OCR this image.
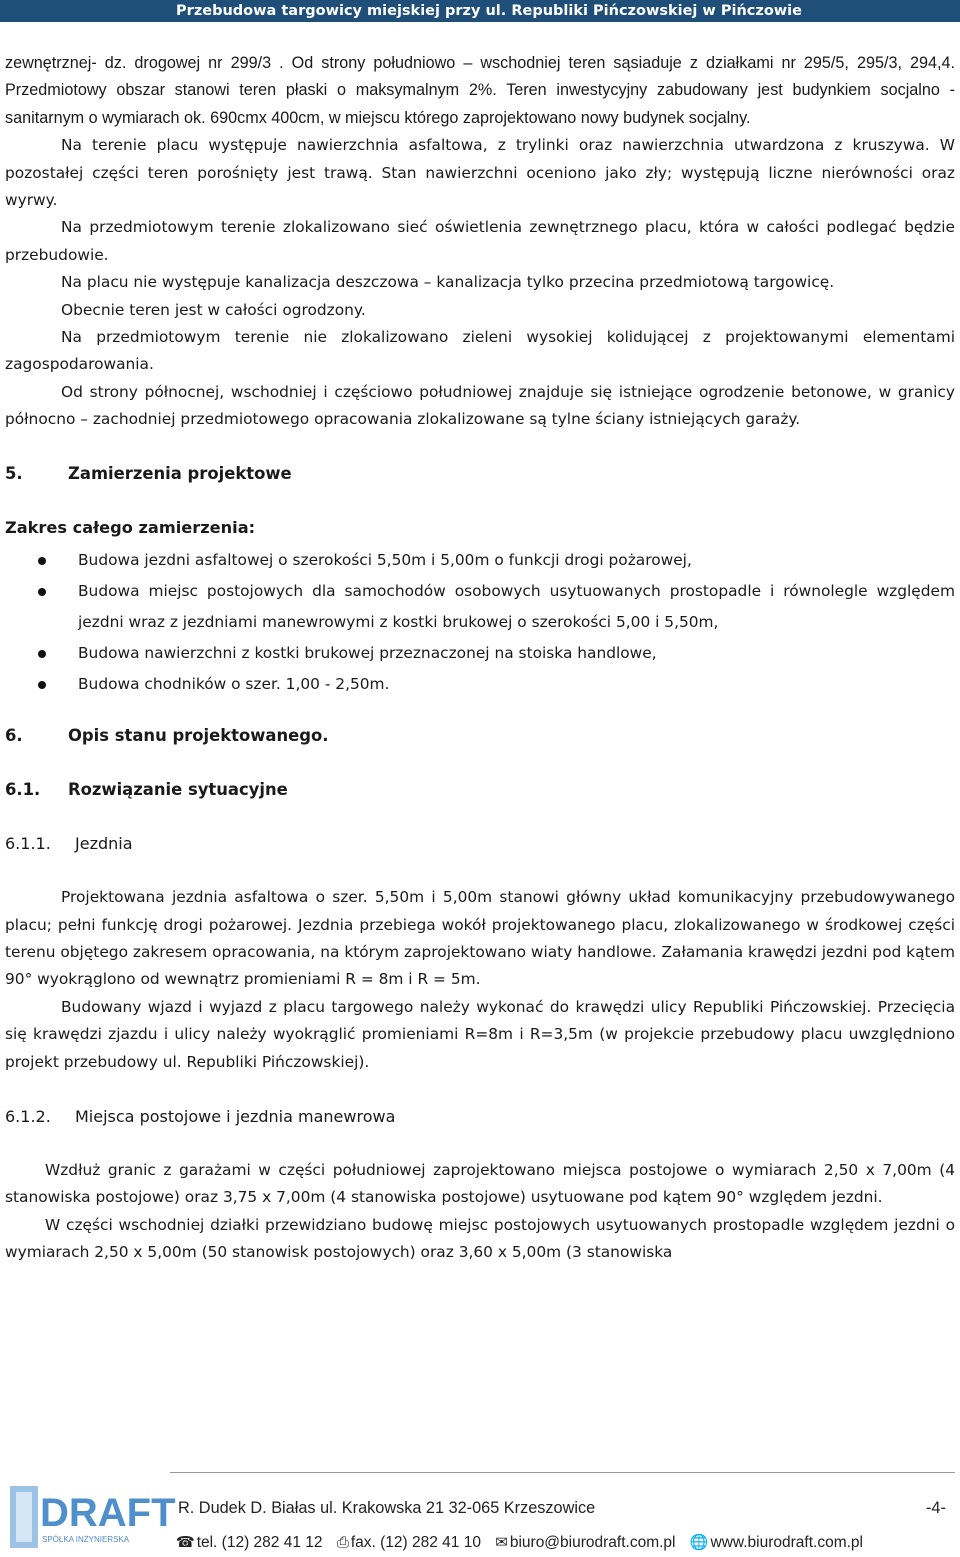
Przebudowa targowicy miejskiej przy ul. Republiki Pińczowskiej w Pińczowie

zewnętrznej- dz. drogowej nr 299/3 . Od strony południowo – wschodniej teren sąsiaduje z działkami nr 295/5, 295/3, 294,4. Przedmiotowy obszar stanowi teren płaski o maksymalnym 2%. Teren inwestycyjny zabudowany jest budynkiem socjalno - sanitarnym o wymiarach ok. 690cmx 400cm, w miejscu którego zaprojektowano nowy budynek socjalny.

Na terenie placu występuje nawierzchnia asfaltowa, z trylinki oraz nawierzchnia utwardzona z kruszywa. W pozostałej części teren porośnięty jest trawą. Stan nawierzchni oceniono jako zły; występują liczne nierówności oraz wyrwy.

Na przedmiotowym terenie zlokalizowano sieć oświetlenia zewnętrznego placu, która w całości podlegać będzie przebudowie.

Na placu nie występuje kanalizacja deszczowa – kanalizacja tylko przecina przedmiotową targowicę.

Obecnie teren jest w całości ogrodzony.

Na przedmiotowym terenie nie zlokalizowano zieleni wysokiej kolidującej z projektowanymi elementami zagospodarowania.

Od strony północnej, wschodniej i częściowo południowej znajduje się istniejące ogrodzenie betonowe, w granicy północno – zachodniej przedmiotowego opracowania zlokalizowane są tylne ściany istniejących garaży.

5.	Zamierzenia projektowe

Zakres całego zamierzenia:

Budowa jezdni asfaltowej o szerokości 5,50m i 5,00m o funkcji drogi pożarowej,
Budowa miejsc postojowych dla samochodów osobowych usytuowanych prostopadle i równolegle względem jezdni wraz z jezdniami manewrowymi z kostki brukowej o szerokości 5,00 i 5,50m,
Budowa nawierzchni z kostki brukowej przeznaczonej na stoiska handlowe,
Budowa chodników o szer. 1,00 - 2,50m.
6.	Opis stanu projektowanego.
6.1. Rozwiązanie sytuacyjne

6.1.1. Jezdnia

Projektowana jezdnia asfaltowa o szer. 5,50m i 5,00m stanowi główny układ komunikacyjny przebudowywanego placu; pełni funkcję drogi pożarowej. Jezdnia przebiega wokół projektowanego placu, zlokalizowanego w środkowej części terenu objętego zakresem opracowania, na którym zaprojektowano wiaty handlowe. Załamania krawędzi jezdni pod kątem 90° wyokrąglono od wewnątrz promieniami R = 8m i R = 5m.

Budowany wjazd i wyjazd z placu targowego należy wykonać do krawędzi ulicy Republiki Pińczowskiej. Przecięcia się krawędzi zjazdu i ulicy należy wyokrąglić promieniami R=8m i R=3,5m (w projekcie przebudowy placu uwzględniono projekt przebudowy ul. Republiki Pińczowskiej).

6.1.2. Miejsca postojowe i jezdnia manewrowa

Wzdłuż granic z garażami w części południowej zaprojektowano miejsca postojowe o wymiarach 2,50 x 7,00m (4 stanowiska postojowe) oraz 3,75 x 7,00m (4 stanowiska postojowe) usytuowane pod kątem 90° względem jezdni.

W części wschodniej działki przewidziano budowę miejsc postojowych usytuowanych prostopadle względem jezdni o wymiarach 2,50 x 5,00m (50 stanowisk postojowych) oraz 3,60 x 5,00m (3 stanowiska

DRAFT
SPÓŁKA INŻYNIERSKA
R. Dudek D. Białas ul. Krakowska 21 32-065 Krzeszowice	-4-
☎ tel. (12) 282 41 12 ⎙ fax. (12) 282 41 10 ✉ biuro@biurodraft.com.pl 🌐 www.biurodraft.com.pl
